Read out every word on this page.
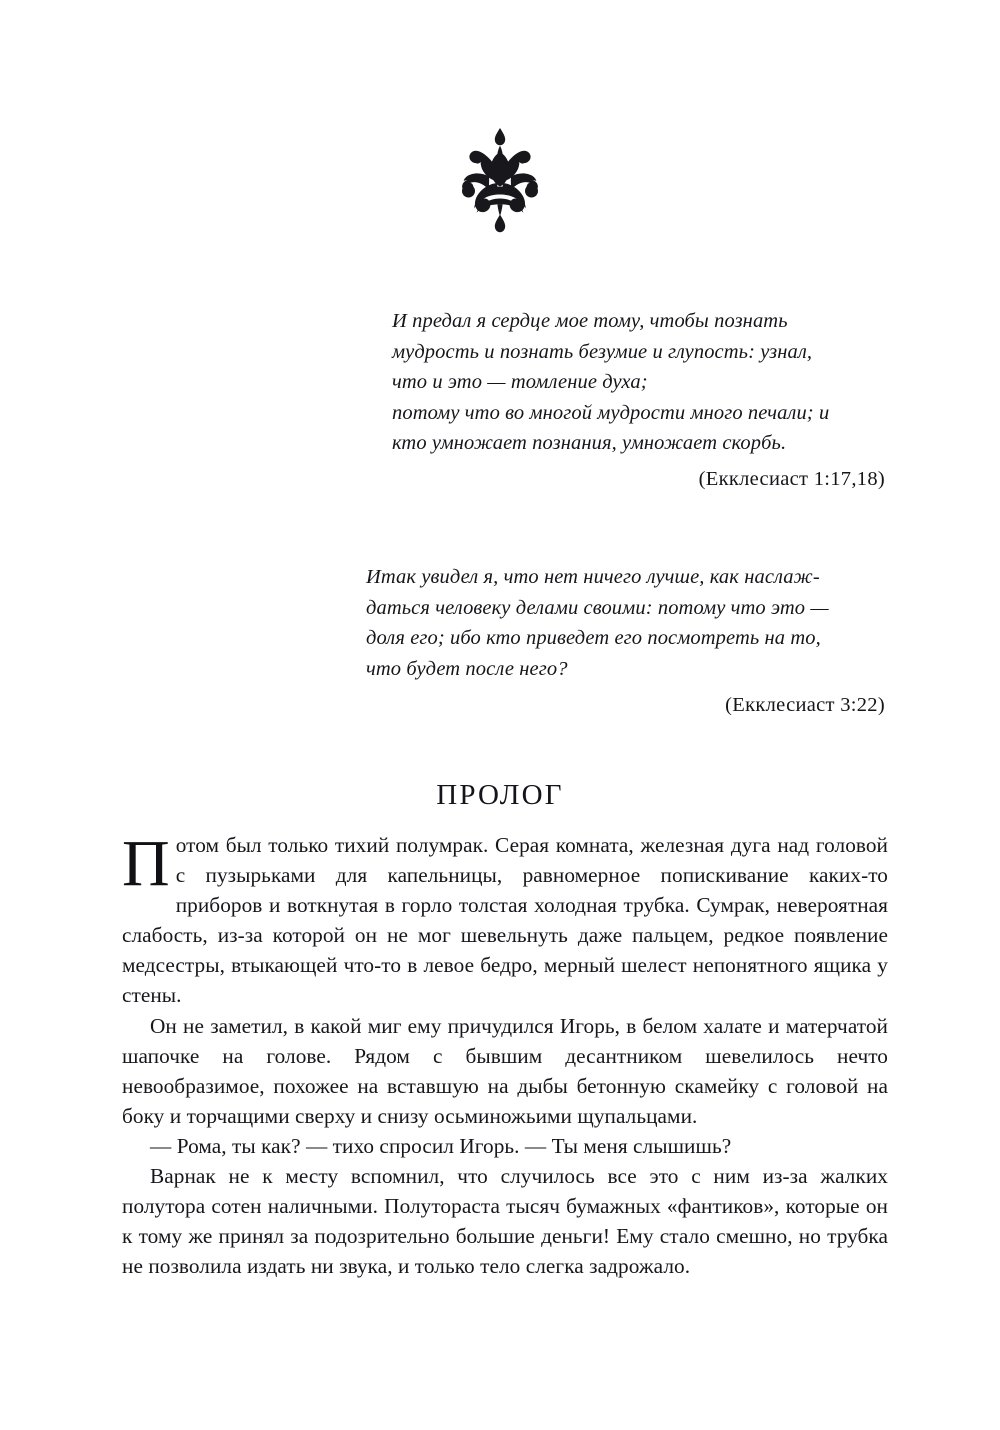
И предал я сердце мое тому, чтобы познать
мудрость и познать безумие и глупость: узнал,
что и это — томление духа;
потому что во многой мудрости много печали; и
кто умножает познания, умножает скорбь.
(Екклесиаст 1:17,18)
Итак увидел я, что нет ничего лучше, как наслаж-
даться человеку делами своими: потому что это —
доля его; ибо кто приведет его посмотреть на то,
что будет после него?
(Екклесиаст 3:22)
ПРОЛОГ

Потом был только тихий полумрак. Серая комната, железная дуга над головой с пузырьками для капельницы, равномерное попискивание каких-то приборов и воткнутая в горло толстая холодная трубка. Сумрак, невероятная слабость, из-за которой он не мог шевельнуть даже пальцем, редкое появление медсестры, втыкающей что-то в левое бедро, мерный шелест непонятного ящика у стены.

Он не заметил, в какой миг ему причудился Игорь, в белом халате и матерчатой шапочке на голове. Рядом с бывшим десантником шевелилось нечто невообразимое, похожее на вставшую на дыбы бетонную скамейку с головой на боку и торчащими сверху и снизу осьминожьими щупальцами.

— Рома, ты как? — тихо спросил Игорь. — Ты меня слышишь?

Варнак не к месту вспомнил, что случилось все это с ним из-за жалких полутора сотен наличными. Полутораста тысяч бумажных «фантиков», которые он к тому же принял за подозрительно большие деньги! Ему стало смешно, но трубка не позволила издать ни звука, и только тело слегка задрожало.
